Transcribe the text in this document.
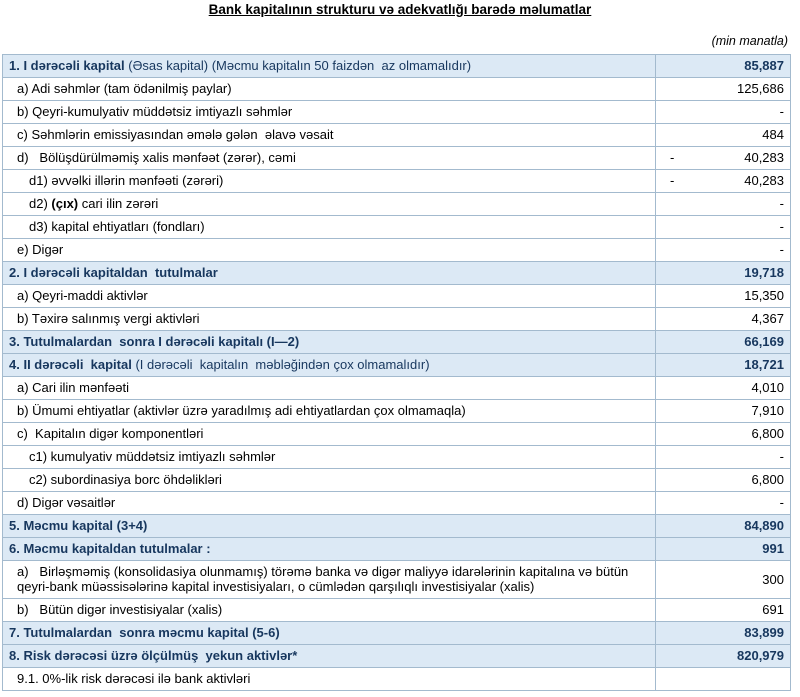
Bank kapitalının strukturu və adekvatlığı barədə məlumatlar
(min manatla)
1. I dərəcəli kapital (Əsas kapital) (Məcmu kapitalın 50 faizdən  az olmamalıdır)	85,887

a) Adi səhmlər (tam ödənilmiş paylar)	125,686

b) Qeyri-kumulyativ müddətsiz imtiyazlı səhmlər	-

c) Səhmlərin emissiyasından əmələ gələn  əlavə vəsait	484

d)   Bölüşdürülməmiş xalis mənfəət (zərər), cəmi	- 40,283

d1) əvvəlki illərin mənfəəti (zərəri)	- 40,283

d2) (çıx) cari ilin zərəri	-

d3) kapital ehtiyatları (fondları)	-

e) Digər	-

2. I dərəcəli kapitaldan  tutulmalar	19,718

a) Qeyri-maddi aktivlər	15,350

b) Təxirə salınmış vergi aktivləri	4,367

3. Tutulmalardan  sonra I dərəcəli kapitalı (I—2)	66,169

4. II dərəcəli  kapital (I dərəcəli  kapitalın  məbləğindən çox olmamalıdır)	18,721

a) Cari ilin mənfəəti	4,010

b) Ümumi ehtiyatlar (aktivlər üzrə yaradılmış adi ehtiyatlardan çox olmamaqla)	7,910

c)  Kapitalın digər komponentləri	6,800

c1) kumulyativ müddətsiz imtiyazlı səhmlər	-

c2) subordinasiya borc öhdəlikləri	6,800

d) Digər vəsaitlər	-

5. Məcmu kapital (3+4)	84,890

6. Məcmu kapitaldan tutulmalar :	991

a)   Birləşməmiş (konsolidasiya olunmamış) törəmə banka və digər maliyyə idarələrinin kapitalına və bütün qeyri-bank müəssisələrinə kapital investisiyaları, o cümlədən qarşılıqlı investisiyalar (xalis)	300

b)   Bütün digər investisiyalar (xalis)	691

7. Tutulmalardan  sonra məcmu kapital (5-6)	83,899

8. Risk dərəcəsi üzrə ölçülmüş  yekun aktivlər*	820,979

9.1. 0%-lik risk dərəcəsi ilə bank aktivləri	
